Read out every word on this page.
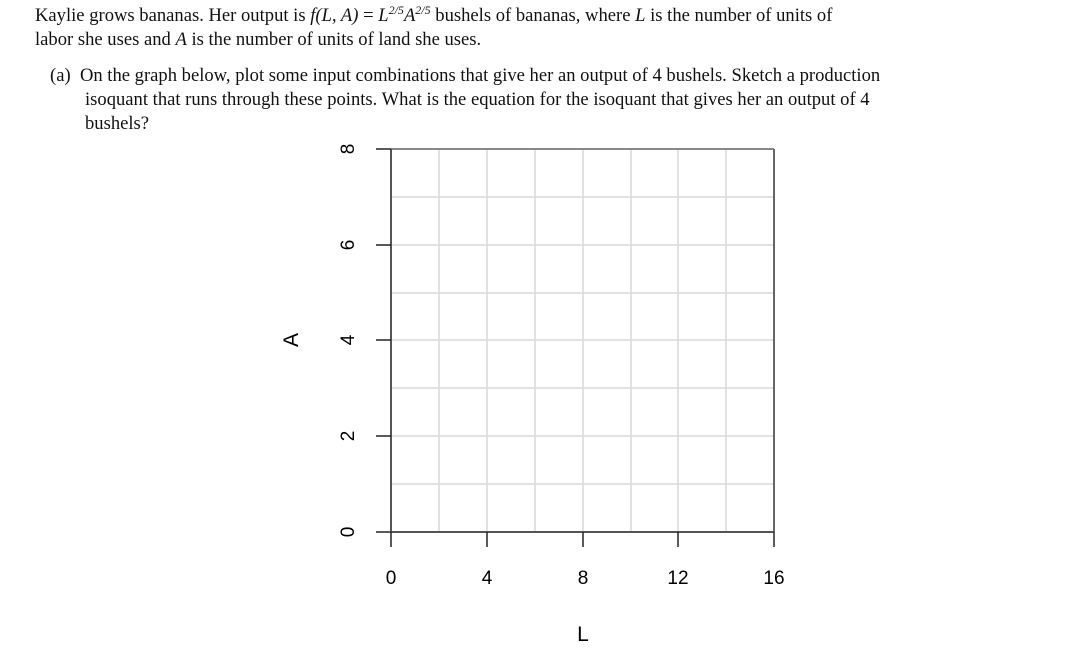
Kaylie grows bananas. Her output is f(L, $A) = L^{2/5}A^{2/5}$ bushels of bananas, where L is the number of units of
labor she uses and A is the number of units of land she uses.
(a) On the graph below, plot some input combinations that give her an output of 4 bushels. Sketch a production
isoquant that runs through these points. What is the equation for the isoquant that gives her an output of 4
bushels?
8
6
4
2
0
0	4	8	12	16
A
L
